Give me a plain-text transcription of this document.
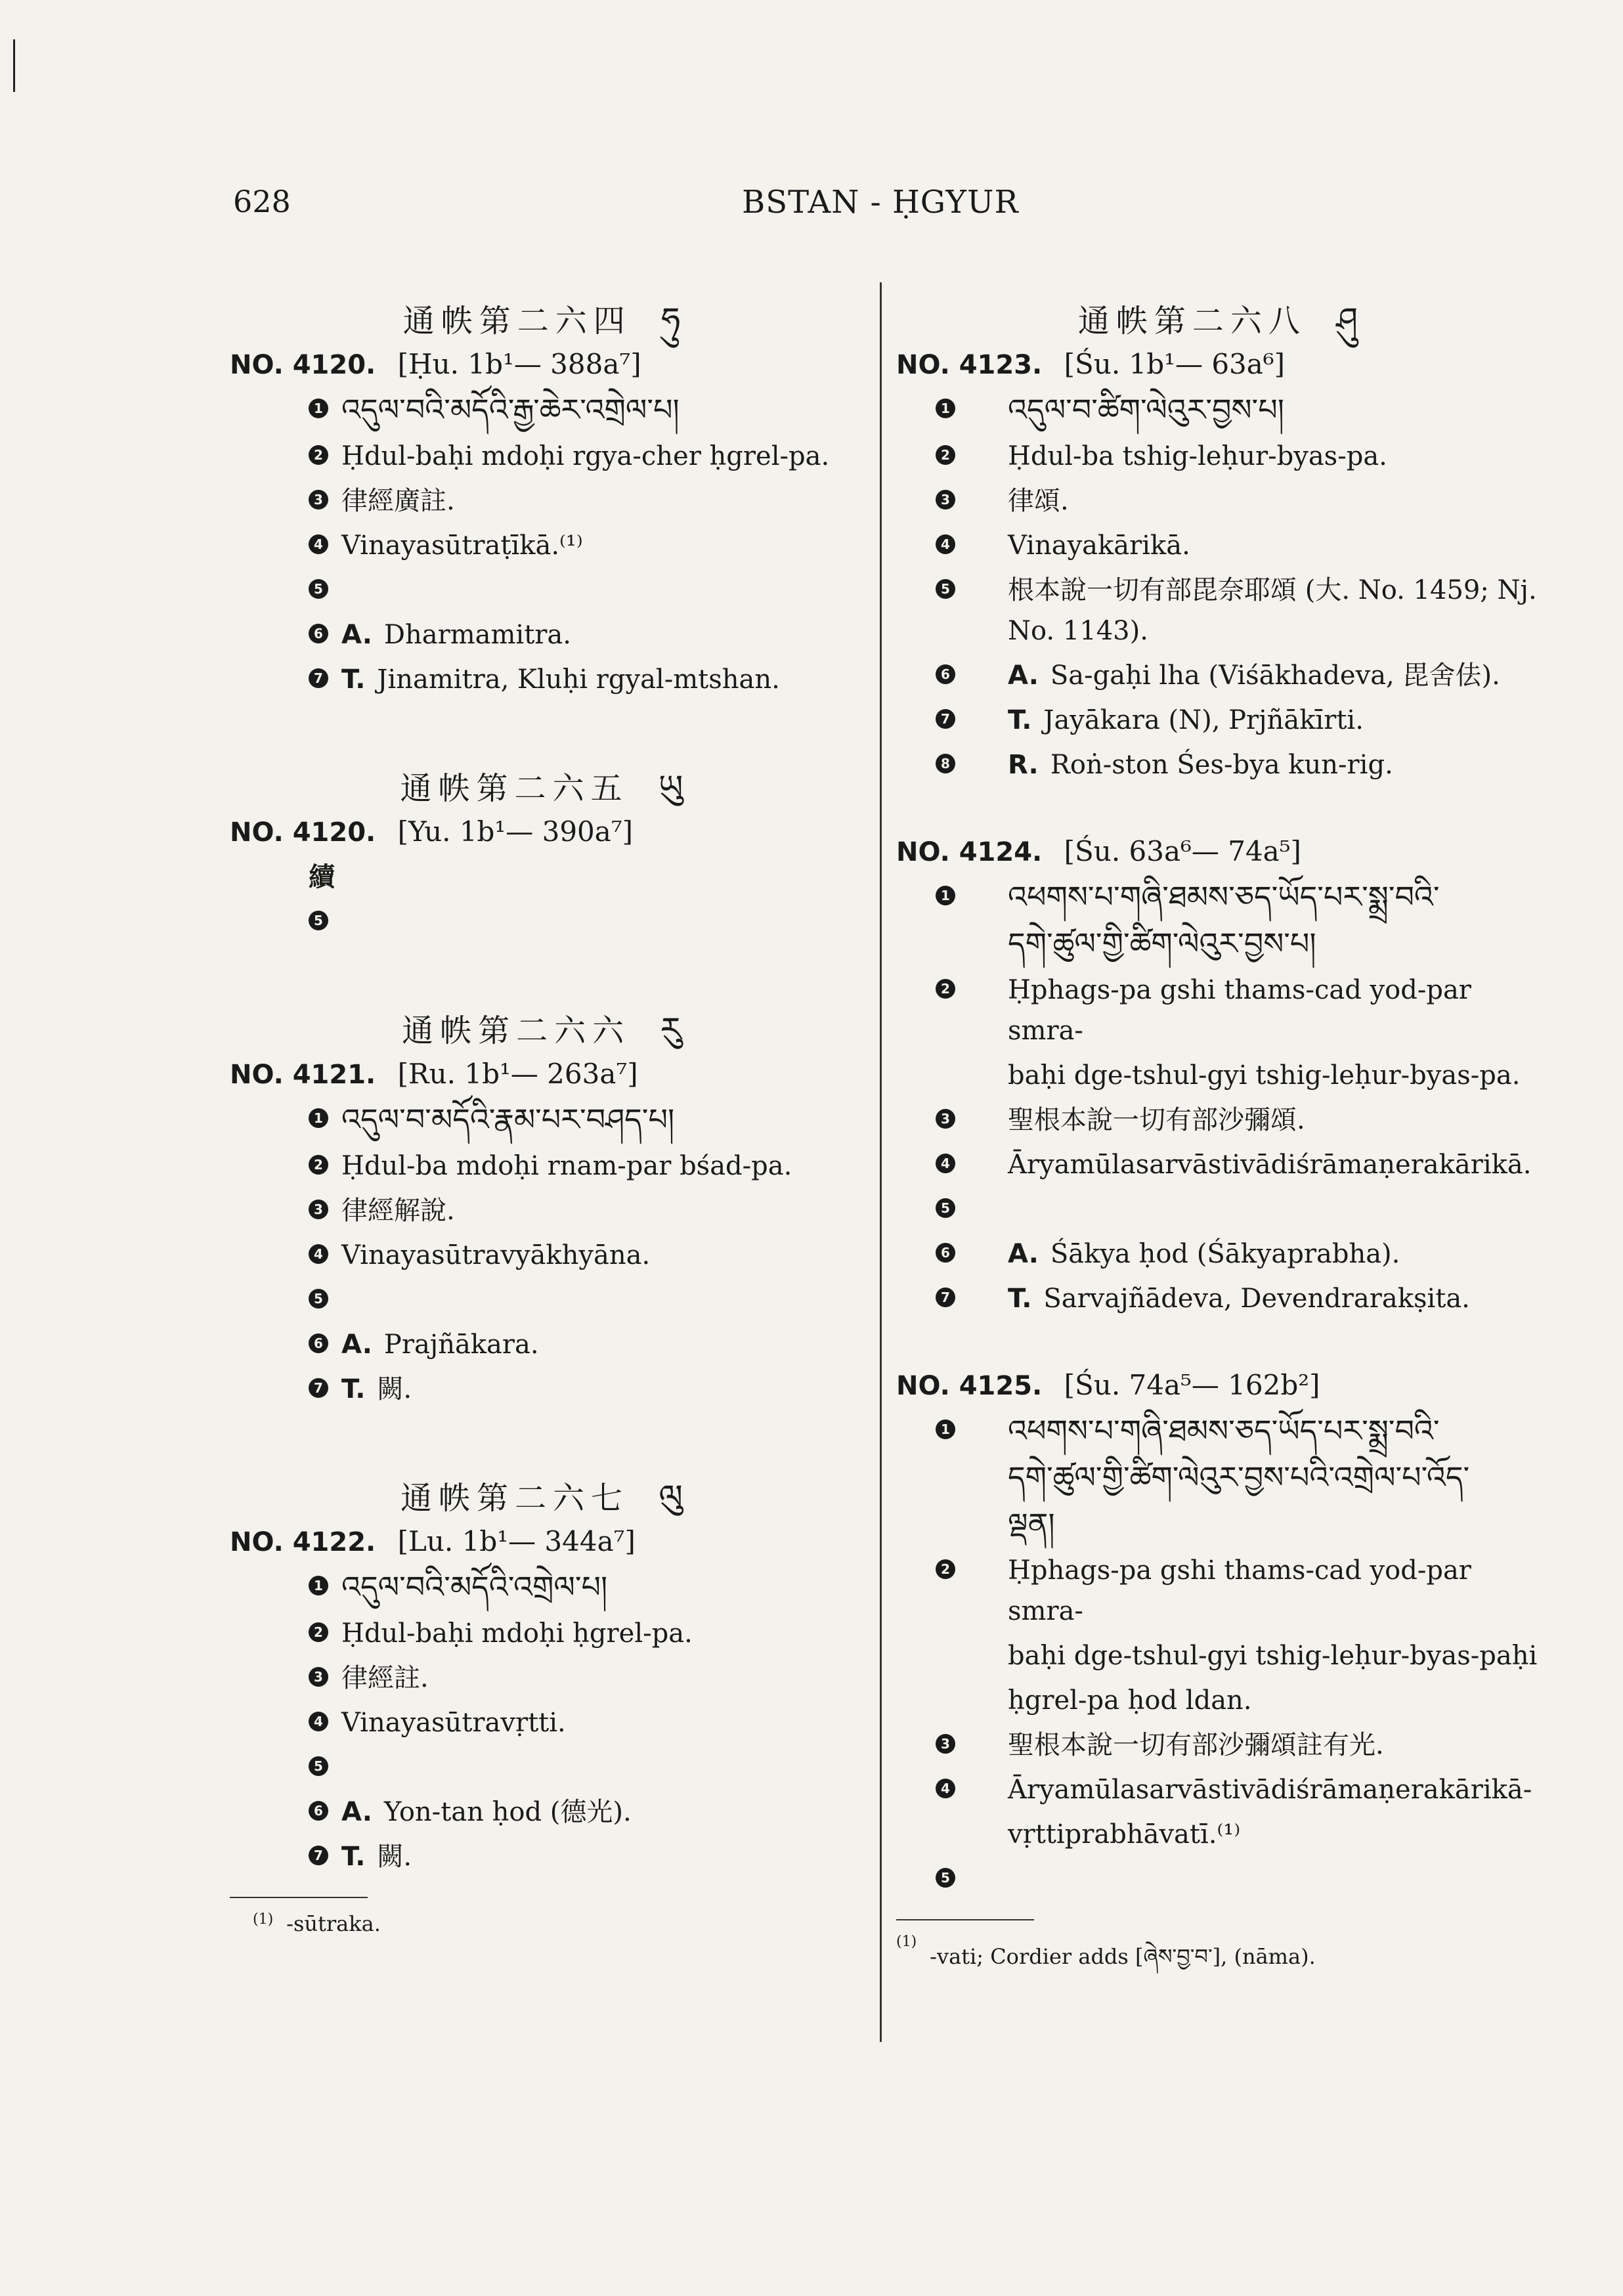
628	BSTAN - ḤGYUR
通帙第二六四 ཧུ
NO. 4120. [Ḥu. 1b¹— 388a⁷]
1 འདུལ་བའི་མདོའི་རྒྱ་ཆེར་འགྲེལ་པ།
2 Ḥdul-baḥi mdoḥi rgya-cher ḥgrel-pa.
3 律經廣註.
4 Vinayasūtraṭīkā.⁽¹⁾
5
6 A. Dharmamitra.
7 T. Jinamitra, Kluḥi rgyal-mtshan.
通帙第二六五 ཡུ
NO. 4120. [Yu. 1b¹— 390a⁷]
續
5
通帙第二六六 རུ
NO. 4121. [Ru. 1b¹— 263a⁷]
1 འདུལ་བ་མདོའི་རྣམ་པར་བཤད་པ།
2 Ḥdul-ba mdoḥi rnam-par bśad-pa.
3 律經解說.
4 Vinayasūtravyākhyāna.
5
6 A. Prajñākara.
7 T. 闕.
通帙第二六七 ལུ
NO. 4122. [Lu. 1b¹— 344a⁷]
1 འདུལ་བའི་མདོའི་འགྲེལ་པ།
2 Ḥdul-baḥi mdoḥi ḥgrel-pa.
3 律經註.
4 Vinayasūtravṛtti.
5
6 A. Yon-tan ḥod (德光).
7 T. 闕.
$^{(1)}$ -sūtraka.
通帙第二六八 ཤུ
NO. 4123. [Śu. 1b¹— 63a⁶]
1 འདུལ་བ་ཚིག་ལེའུར་བྱས་པ།
2 Ḥdul-ba tshig-leḥur-byas-pa.
3 律頌.
4 Vinayakārikā.
5 根本說一切有部毘奈耶頌 (大. No. 1459; Nj. No. 1143).
6 A. Sa-gaḥi lha (Viśākhadeva, 毘舍佉).
7 T. Jayākara (N), Prjñākīrti.
8 R. Roṅ-ston Śes-bya kun-rig.
NO. 4124. [Śu. 63a⁶— 74a⁵]
1 འཕགས་པ་གཞི་ཐམས་ཅད་ཡོད་པར་སྨྲ་བའི་
དགེ་ཚུལ་གྱི་ཚིག་ལེའུར་བྱས་པ།
2 Ḥphags-pa gshi thams-cad yod-par smra-
baḥi dge-tshul-gyi tshig-leḥur-byas-pa.
3 聖根本說一切有部沙彌頌.
4 Āryamūlasarvāstivādiśrāmaṇerakārikā.
5
6 A. Śākya ḥod (Śākyaprabha).
7 T. Sarvajñādeva, Devendrarakṣita.
NO. 4125. [Śu. 74a⁵— 162b²]
1 འཕགས་པ་གཞི་ཐམས་ཅད་ཡོད་པར་སྨྲ་བའི་
དགེ་ཚུལ་གྱི་ཚིག་ལེའུར་བྱས་པའི་འགྲེལ་པ་འོད་
ལྡན།
2 Ḥphags-pa gshi thams-cad yod-par smra-
baḥi dge-tshul-gyi tshig-leḥur-byas-paḥi
ḥgrel-pa ḥod ldan.
3 聖根本說一切有部沙彌頌註有光.
4 Āryamūlasarvāstivādiśrāmaṇerakārikā-
vṛttiprabhāvatī.⁽¹⁾
5
$^{(1)}$-vati; Cordier adds [ཞེས་བྱ་བ་], (nāma).
